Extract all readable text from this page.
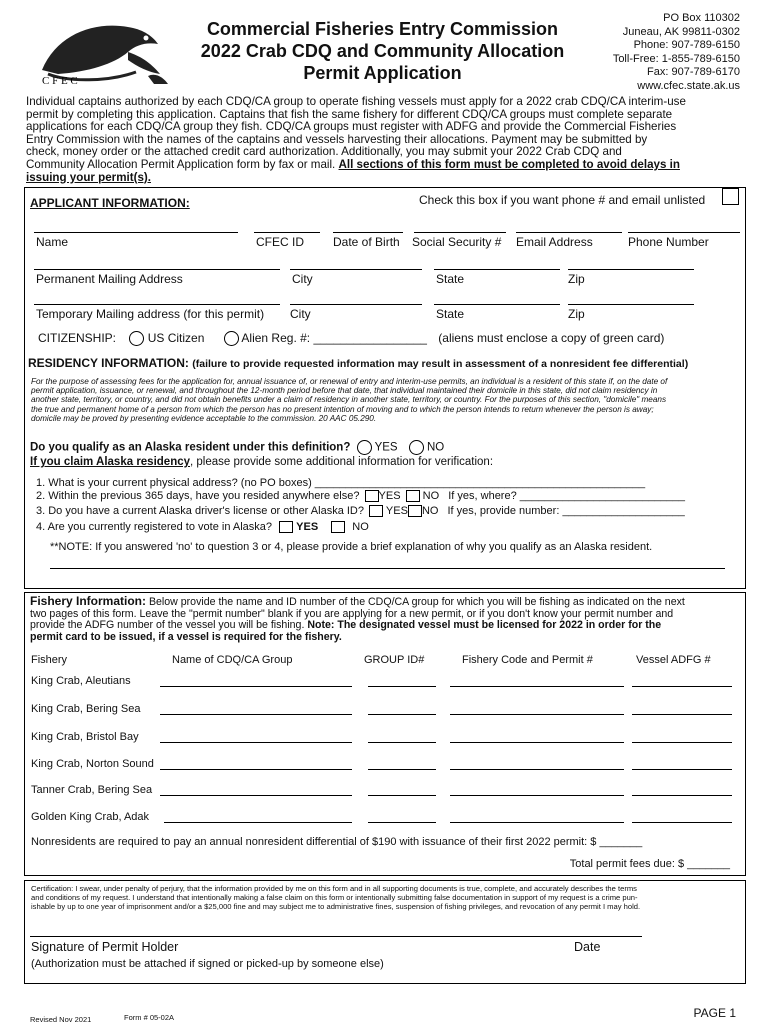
C F E C
Commercial Fisheries Entry Commission
2022 Crab CDQ and Community Allocation
Permit Application
PO Box 110302
Juneau, AK 99811-0302
Phone: 907-789-6150
Toll-Free: 1-855-789-6150
Fax: 907-789-6170
www.cfec.state.ak.us
Individual captains authorized by each CDQ/CA group to operate fishing vessels must apply for a 2022 crab CDQ/CA interim-use
permit by completing this application. Captains that fish the same fishery for different CDQ/CA groups must complete separate
applications for each CDQ/CA group they fish. CDQ/CA groups must register with ADFG and provide the Commercial Fisheries
Entry Commission with the names of the captains and vessels harvesting their allocations. Payment may be submitted by
check, money order or the attached credit card authorization. Additionally, you may submit your 2022 Crab CDQ and
Community Allocation Permit Application form by fax or mail. All sections of this form must be completed to avoid delays in
issuing your permit(s).
APPLICANT INFORMATION:	Check this box if you want phone # and email unlisted
Name	CFEC ID Date of Birth Social Security # Email Address	Phone Number
Permanent Mailing Address	City	State	Zip
Temporary Mailing address (for this permit) City	State	Zip
CITIZENSHIP:	US Citizen	Alien Reg. #: _________________ (aliens must enclose a copy of green card)
RESIDENCY INFORMATION: (failure to provide requested information may result in assessment of a nonresident fee differential)
For the purpose of assessing fees for the application for, annual issuance of, or renewal of entry and interim-use permits, an individual is a resident of this state if, on the date of
permit application, issuance, or renewal, and throughout the 12-month period before that date, that individual maintained their domicile in this state, did not claim residency in
another state, territory, or country, and did not obtain benefits under a claim of residency in another state, territory, or country. For the purposes of this section, "domicile" means
the true and permanent home of a person from which the person has no present intention of moving and to which the person intends to return whenever the person is away;
domicile may be proved by presenting evidence acceptable to the commission. 20 AAC 05.290.
Do you qualify as an Alaska resident under this definition? YES	NO
If you claim Alaska residency, please provide some additional information for verification:
1. What is your current physical address? (no PO boxes) ______________________________________________________
2. Within the previous 365 days, have you resided anywhere else? YES NO If yes, where? ___________________________
3. Do you have a current Alaska driver's license or other Alaska ID? YES NO If yes, provide number: ____________________
4. Are you currently registered to vote in Alaska? YES	NO
**NOTE: If you answered 'no' to question 3 or 4, please provide a brief explanation of why you qualify as an Alaska resident.
Fishery Information: Below provide the name and ID number of the CDQ/CA group for which you will be fishing as indicated on the next
two pages of this form. Leave the "permit number" blank if you are applying for a new permit, or if you don't know your permit number and
provide the ADFG number of the vessel you will be fishing. Note: The designated vessel must be licensed for 2022 in order for the
permit card to be issued, if a vessel is required for the fishery.
Fishery	Name of CDQ/CA Group	GROUP ID#	Fishery Code and Permit #	Vessel ADFG #
King Crab, Aleutians
King Crab, Bering Sea
King Crab, Bristol Bay
King Crab, Norton Sound
Tanner Crab, Bering Sea
Golden King Crab, Adak
Nonresidents are required to pay an annual nonresident differential of $190 with issuance of their first 2022 permit: $ _______
Total permit fees due: $ _______
Certification: I swear, under penalty of perjury, that the information provided by me on this form and in all supporting documents is true, complete, and accurately describes the terms
and conditions of my request. I understand that intentionally making a false claim on this form or intentionally submitting false documentation in support of my request is a crime pun-
ishable by up to one year of imprisonment and/or a $25,000 fine and may subject me to administrative fines, suspension of fishing privileges, and revocation of any permit I may hold.
Signature of Permit Holder	Date
(Authorization must be attached if signed or picked-up by someone else)
Revised Nov 2021	Form # 05-02A	PAGE 1
